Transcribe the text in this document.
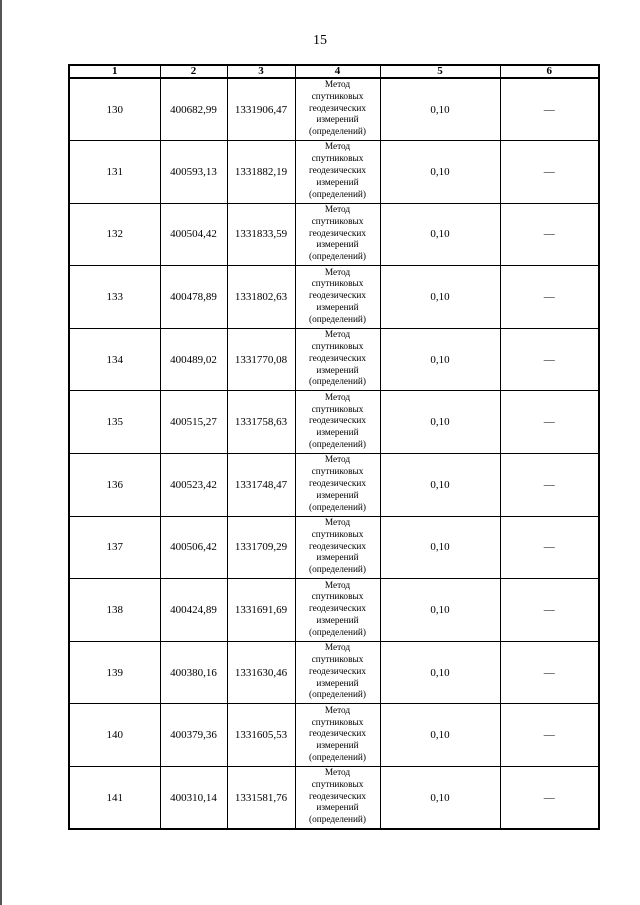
15
1	2	3	4	5	6
130	400682,99	1331906,47	Метод
спутниковых
геодезических
измерений
(определений)	0,10	—
131	400593,13	1331882,19	Метод
спутниковых
геодезических
измерений
(определений)	0,10	—
132	400504,42	1331833,59	Метод
спутниковых
геодезических
измерений
(определений)	0,10	—
133	400478,89	1331802,63	Метод
спутниковых
геодезических
измерений
(определений)	0,10	—
134	400489,02	1331770,08	Метод
спутниковых
геодезических
измерений
(определений)	0,10	—
135	400515,27	1331758,63	Метод
спутниковых
геодезических
измерений
(определений)	0,10	—
136	400523,42	1331748,47	Метод
спутниковых
геодезических
измерений
(определений)	0,10	—
137	400506,42	1331709,29	Метод
спутниковых
геодезических
измерений
(определений)	0,10	—
138	400424,89	1331691,69	Метод
спутниковых
геодезических
измерений
(определений)	0,10	—
139	400380,16	1331630,46	Метод
спутниковых
геодезических
измерений
(определений)	0,10	—
140	400379,36	1331605,53	Метод
спутниковых
геодезических
измерений
(определений)	0,10	—
141	400310,14	1331581,76	Метод
спутниковых
геодезических
измерений
(определений)	0,10	—
